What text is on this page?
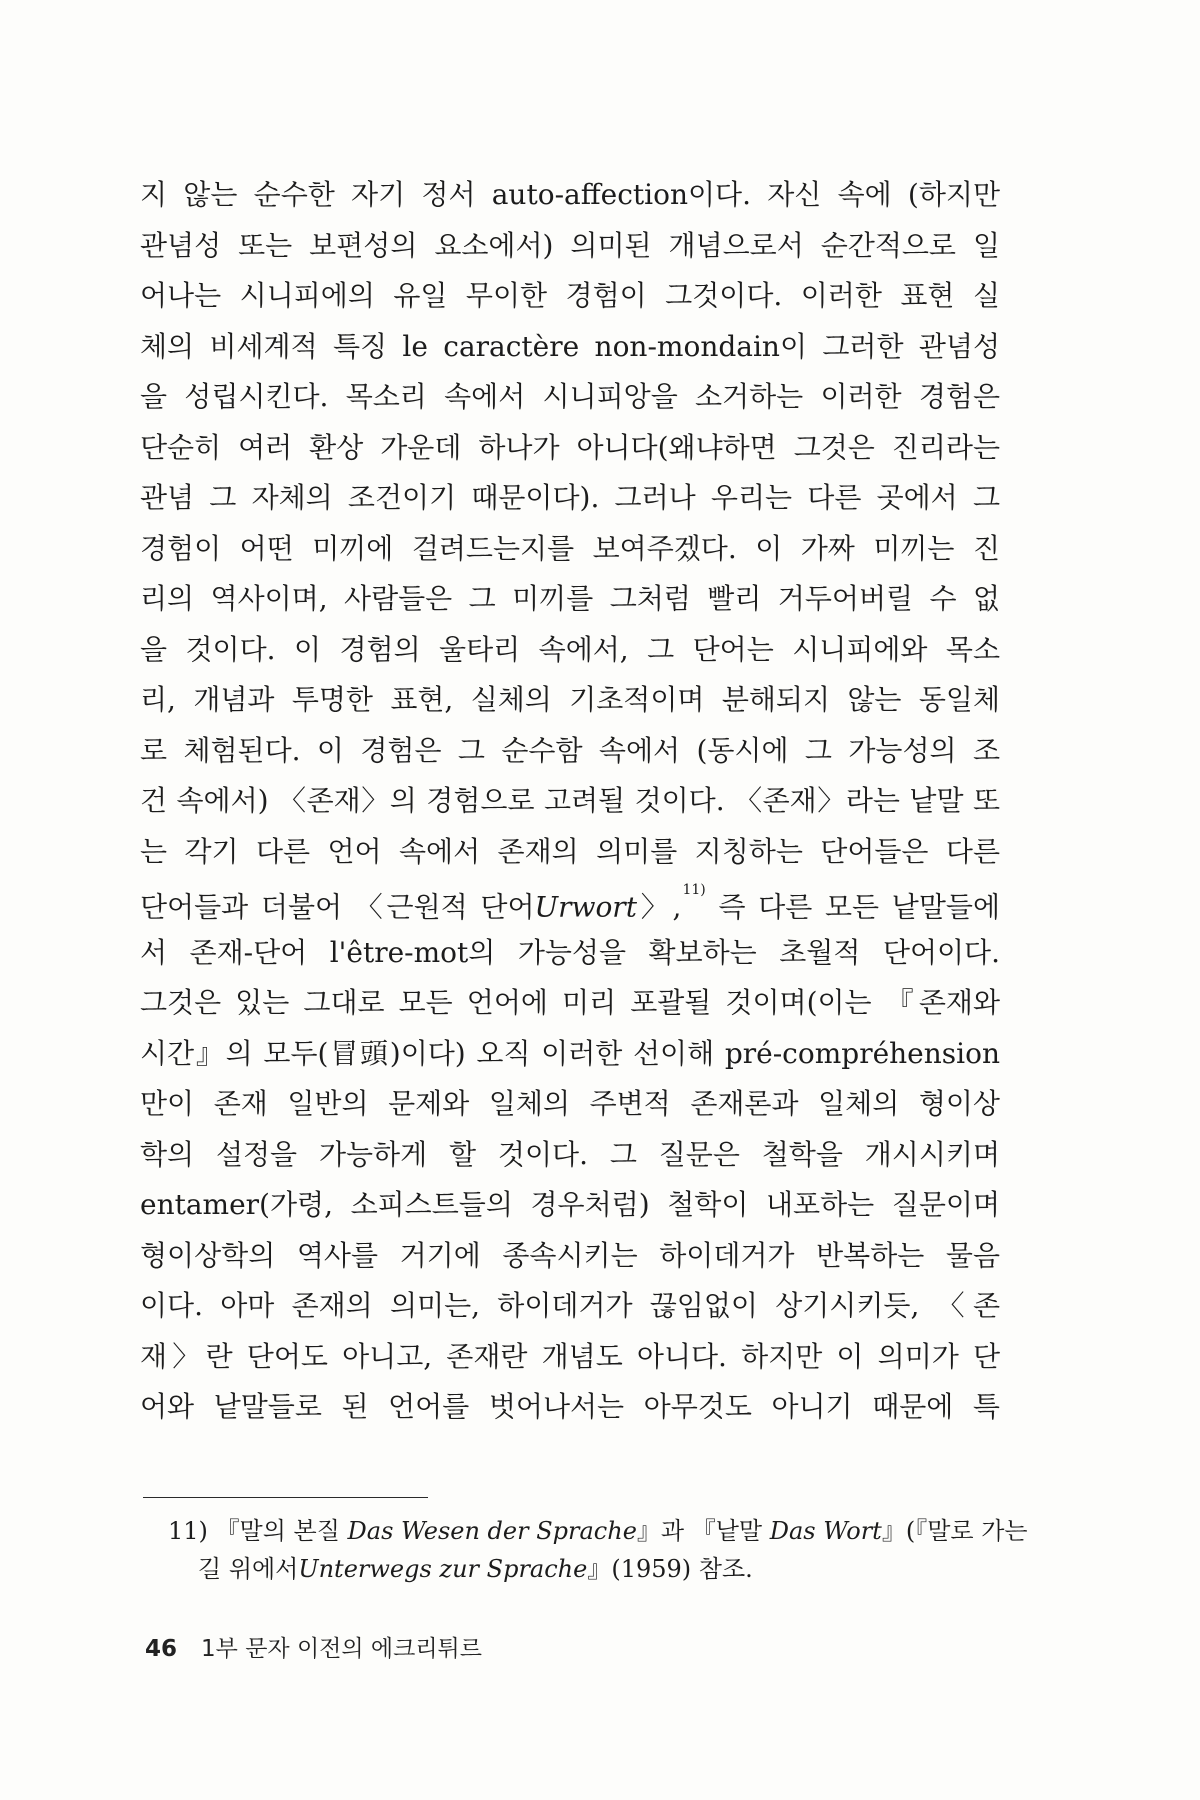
지 않는 순수한 자기 정서 auto-affection이다. 자신 속에 (하지만
관념성 또는 보편성의 요소에서) 의미된 개념으로서 순간적으로 일
어나는 시니피에의 유일 무이한 경험이 그것이다. 이러한 표현 실
체의 비세계적 특징 le caractère non-mondain이 그러한 관념성
을 성립시킨다. 목소리 속에서 시니피앙을 소거하는 이러한 경험은
단순히 여러 환상 가운데 하나가 아니다(왜냐하면 그것은 진리라는
관념 그 자체의 조건이기 때문이다). 그러나 우리는 다른 곳에서 그
경험이 어떤 미끼에 걸려드는지를 보여주겠다. 이 가짜 미끼는 진
리의 역사이며, 사람들은 그 미끼를 그처럼 빨리 거두어버릴 수 없
을 것이다. 이 경험의 울타리 속에서, 그 단어는 시니피에와 목소
리, 개념과 투명한 표현, 실체의 기초적이며 분해되지 않는 동일체
로 체험된다. 이 경험은 그 순수함 속에서 (동시에 그 가능성의 조
건 속에서) 〈존재〉의 경험으로 고려될 것이다. 〈존재〉라는 낱말 또
는 각기 다른 언어 속에서 존재의 의미를 지칭하는 단어들은 다른
단어들과 더불어 〈근원적 단어Urwort〉,$^{11)}$ 즉 다른 모든 낱말들에
서 존재-단어 l'être-mot의 가능성을 확보하는 초월적 단어이다.
그것은 있는 그대로 모든 언어에 미리 포괄될 것이며(이는 『존재와
시간』의 모두(冒頭)이다) 오직 이러한 선이해 pré-compréhension
만이 존재 일반의 문제와 일체의 주변적 존재론과 일체의 형이상
학의 설정을 가능하게 할 것이다. 그 질문은 철학을 개시시키며
entamer(가령, 소피스트들의 경우처럼) 철학이 내포하는 질문이며
형이상학의 역사를 거기에 종속시키는 하이데거가 반복하는 물음
이다. 아마 존재의 의미는, 하이데거가 끊임없이 상기시키듯, 〈존
재〉란 단어도 아니고, 존재란 개념도 아니다. 하지만 이 의미가 단
어와 낱말들로 된 언어를 벗어나서는 아무것도 아니기 때문에 특
11) 『말의 본질 Das Wesen der Sprache』과 『낱말 Das Wort』(『말로 가는
길 위에서Unterwegs zur Sprache』(1959) 참조.
46 1부 문자 이전의 에크리튀르
